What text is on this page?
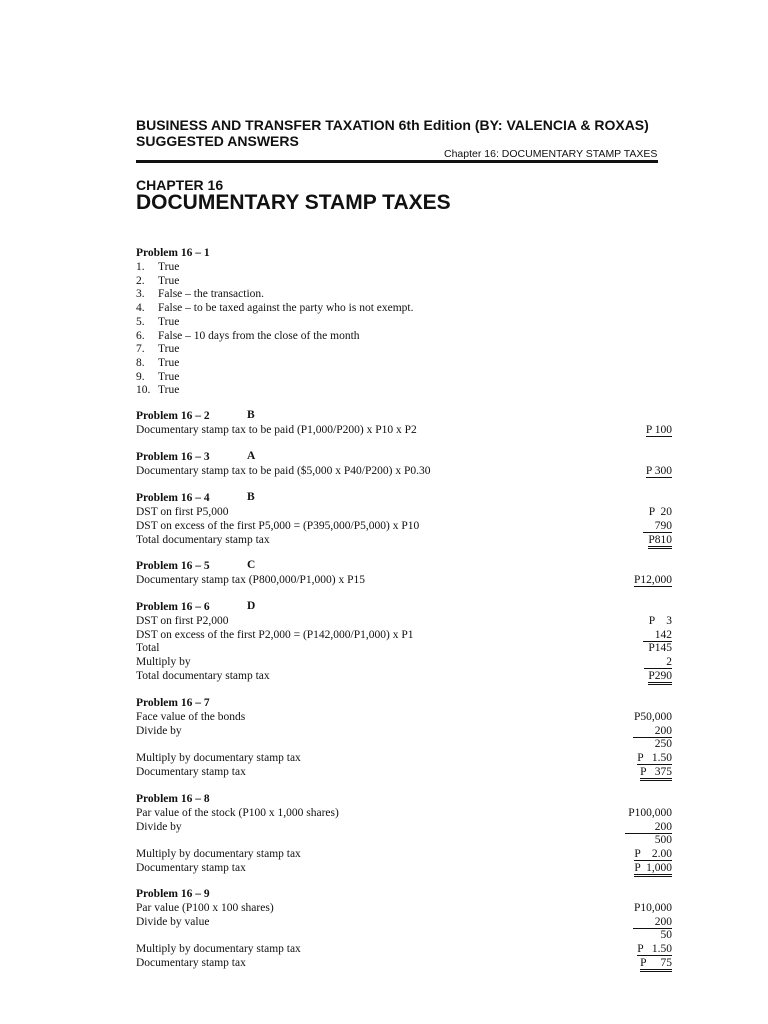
BUSINESS AND TRANSFER TAXATION 6th Edition (BY: VALENCIA & ROXAS) SUGGESTED ANSWERS
Chapter 16: DOCUMENTARY STAMP TAXES
CHAPTER 16
DOCUMENTARY STAMP TAXES
Problem 16 – 1
1. True
2. True
3. False – the transaction.
4. False – to be taxed against the party who is not exempt.
5. True
6. False – 10 days from the close of the month
7. True
8. True
9. True
10. True
Problem 16 – 2	B
Documentary stamp tax to be paid (P1,000/P200) x P10 x P2	P 100
Problem 16 – 3	A
Documentary stamp tax to be paid ($5,000 x P40/P200) x P0.30	P 300
Problem 16 – 4	B
DST on first P5,000	P  20
DST on excess of the first P5,000 = (P395,000/P5,000) x P10	790
Total documentary stamp tax	P810
Problem 16 – 5	C
Documentary stamp tax (P800,000/P1,000) x P15	P12,000
Problem 16 – 6	D
DST on first P2,000	P    3
DST on excess of the first P2,000 = (P142,000/P1,000) x P1	142
Total	P145
Multiply by	2
Total documentary stamp tax	P290
Problem 16 – 7
Face value of the bonds	P50,000
Divide by	200
250
Multiply by documentary stamp tax	P   1.50
Documentary stamp tax	P   375
Problem 16 – 8
Par value of the stock (P100 x 1,000 shares)	P100,000
Divide by	200
500
Multiply by documentary stamp tax	P    2.00
Documentary stamp tax	P  1,000
Problem 16 – 9
Par value (P100 x 100 shares)	P10,000
Divide by value	200
50
Multiply by documentary stamp tax	P   1.50
Documentary stamp tax	P     75
